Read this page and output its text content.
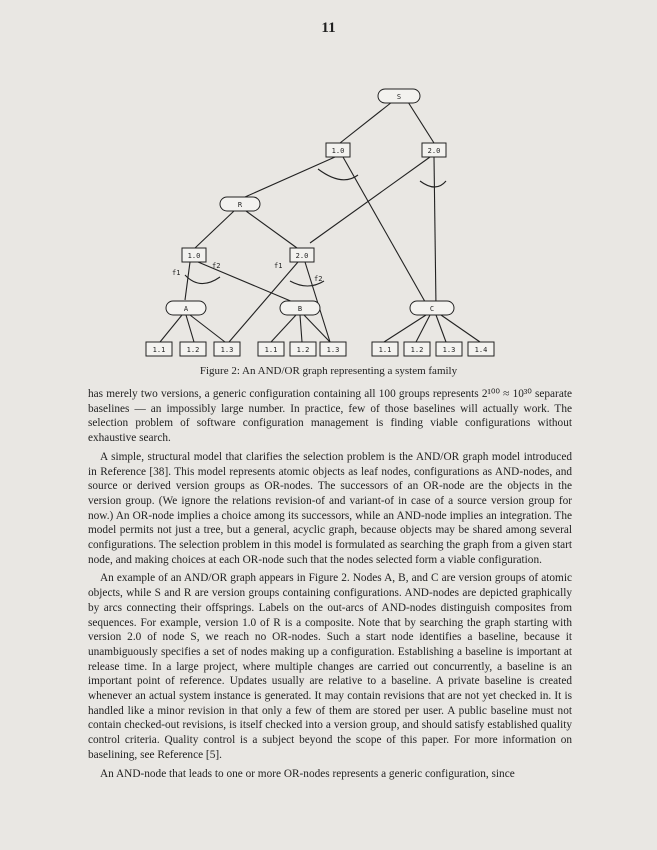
11
S
R
A	B	C
1.0	2.0
1.0	2.0
1.1	1.2	1.3	1.1	1.2 1.3	1.1	1.2	1.3	1.4
f1
f2	f1
f2
Figure 2: An AND/OR graph representing a system family

has merely two versions, a generic configuration containing all 100 groups represents 2¹⁰⁰ ≈ 10³⁰ separate baselines — an impossibly large number. In practice, few of those baselines will actually work. The selection problem of software configuration management is finding viable configurations without exhaustive search.

A simple, structural model that clarifies the selection problem is the AND/OR graph model introduced in Reference [38]. This model represents atomic objects as leaf nodes, configurations as AND-nodes, and source or derived version groups as OR-nodes. The successors of an OR-node are the objects in the version group. (We ignore the relations revision-of and variant-of in case of a source version group for now.) An OR-node implies a choice among its successors, while an AND-node implies an integration. The model permits not just a tree, but a general, acyclic graph, because objects may be shared among several configurations. The selection problem in this model is formulated as searching the graph from a given start node, and making choices at each OR-node such that the nodes selected form a viable configuration.

An example of an AND/OR graph appears in Figure 2. Nodes A, B, and C are version groups of atomic objects, while S and R are version groups containing configurations. AND-nodes are depicted graphically by arcs connecting their offsprings. Labels on the out-arcs of AND-nodes distinguish composites from sequences. For example, version 1.0 of R is a composite. Note that by searching the graph starting with version 2.0 of node S, we reach no OR-nodes. Such a start node identifies a baseline, because it unambiguously specifies a set of nodes making up a configuration. Establishing a baseline is important at release time. In a large project, where multiple changes are carried out concurrently, a baseline is an important point of reference. Updates usually are relative to a baseline. A private baseline is created whenever an actual system instance is generated. It may contain revisions that are not yet checked in. It is handled like a minor revision in that only a few of them are stored per user. A public baseline must not contain checked-out revisions, is itself checked into a version group, and should satisfy established quality control criteria. Quality control is a subject beyond the scope of this paper. For more information on baselining, see Reference [5].

An AND-node that leads to one or more OR-nodes represents a generic configuration, since
